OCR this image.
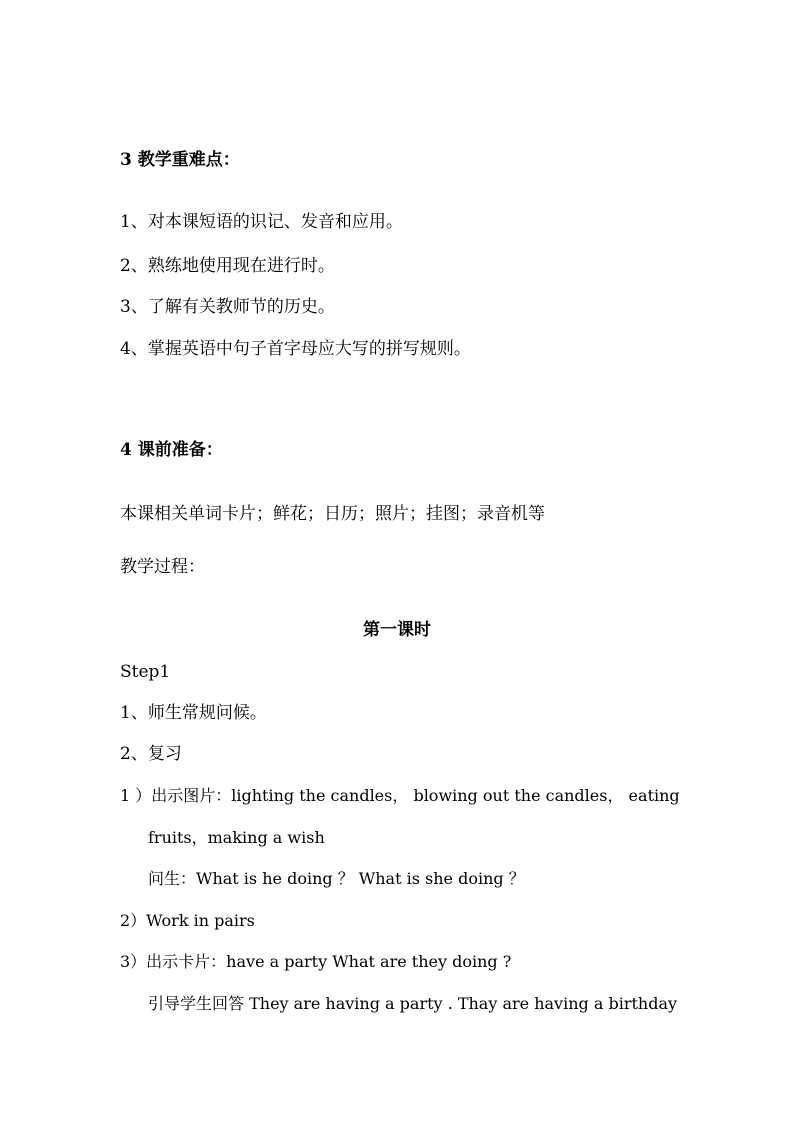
3 教学重难点：
1、对本课短语的识记、发音和应用。
2、熟练地使用现在进行时。
3、了解有关教师节的历史。
4、掌握英语中句子首字母应大写的拼写规则。
4 课前准备：
本课相关单词卡片；鲜花；日历；照片；挂图；录音机等
教学过程：
第一课时
Step1
1、师生常规问候。
2、复习
1 ）出示图片：lighting the candles， blowing out the candles， eating
fruits，making a wish
问生：What is he doing ？ What is she doing ？
2）Work in pairs
3）出示卡片：have a party What are they doing ?
引导学生回答 They are having a party . Thay are having a birthday
